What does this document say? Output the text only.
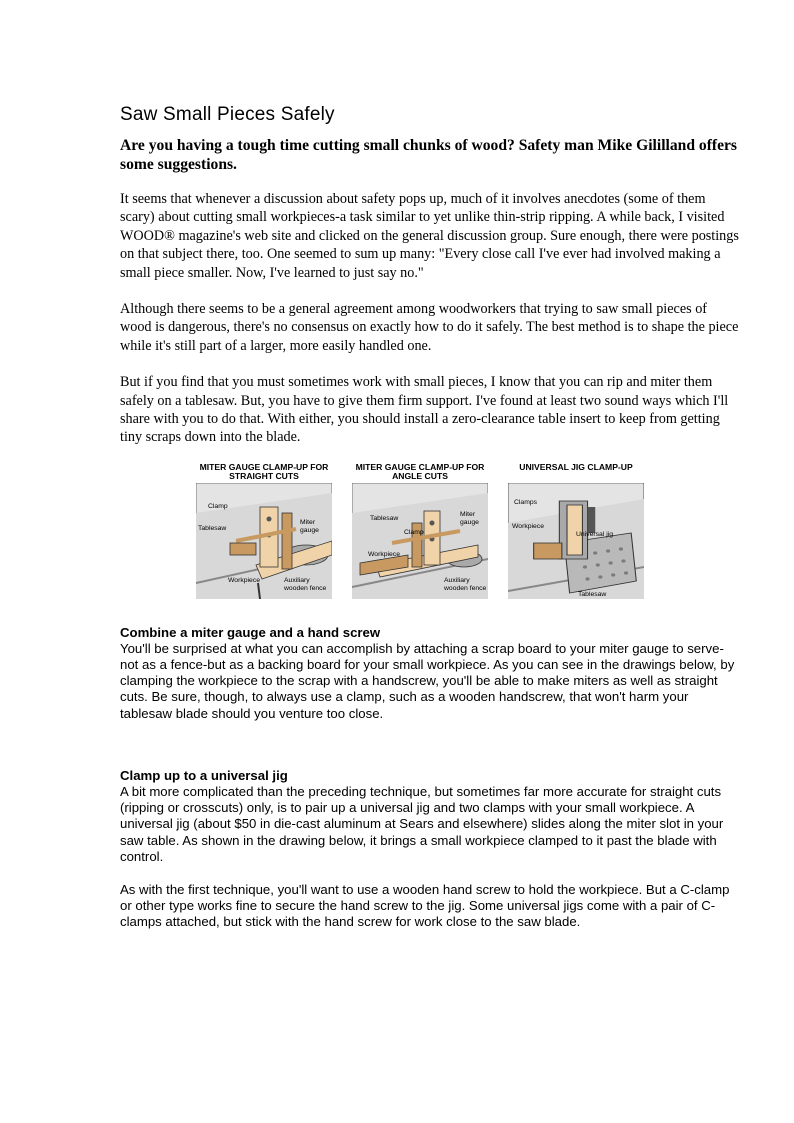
Saw Small Pieces Safely

Are you having a tough time cutting small chunks of wood? Safety man Mike Gililland offers some suggestions.

It seems that whenever a discussion about safety pops up, much of it involves anecdotes (some of them scary) about cutting small workpieces-a task similar to yet unlike thin-strip ripping. A while back, I visited WOOD® magazine's web site and clicked on the general discussion group. Sure enough, there were postings on that subject there, too. One seemed to sum up many: "Every close call I've ever had involved making a small piece smaller. Now, I've learned to just say no."

Although there seems to be a general agreement among woodworkers that trying to saw small pieces of wood is dangerous, there's no consensus on exactly how to do it safely. The best method is to shape the piece while it's still part of a larger, more easily handled one.

But if you find that you must sometimes work with small pieces, I know that you can rip and miter them safely on a tablesaw. But, you have to give them firm support. I've found at least two sound ways which I'll share with you to do that. With either, you should install a zero-clearance table insert to keep from getting tiny scraps down into the blade.

MITER GAUGE CLAMP-UP FOR STRAIGHT CUTS
MITER GAUGE CLAMP-UP FOR ANGLE CUTS
UNIVERSAL JIG CLAMP-UP
Clamp
Tablesaw
Miter gauge
Workpiece	Auxiliary wooden fence
Tablesaw
Clamp
Miter gauge
Workpiece
Auxiliary wooden fence
Clamps
Workpiece
Universal jig
Tablesaw
Combine a miter gauge and a hand screw

You'll be surprised at what you can accomplish by attaching a scrap board to your miter gauge to serve-not as a fence-but as a backing board for your small workpiece. As you can see in the drawings below, by clamping the workpiece to the scrap with a handscrew, you'll be able to make miters as well as straight cuts. Be sure, though, to always use a clamp, such as a wooden handscrew, that won't harm your tablesaw blade should you venture too close.

Clamp up to a universal jig

A bit more complicated than the preceding technique, but sometimes far more accurate for straight cuts (ripping or crosscuts) only, is to pair up a universal jig and two clamps with your small workpiece. A universal jig (about $50 in die-cast aluminum at Sears and elsewhere) slides along the miter slot in your saw table. As shown in the drawing below, it brings a small workpiece clamped to it past the blade with control.

As with the first technique, you'll want to use a wooden hand screw to hold the workpiece. But a C-clamp or other type works fine to secure the hand screw to the jig. Some universal jigs come with a pair of C-clamps attached, but stick with the hand screw for work close to the saw blade.
